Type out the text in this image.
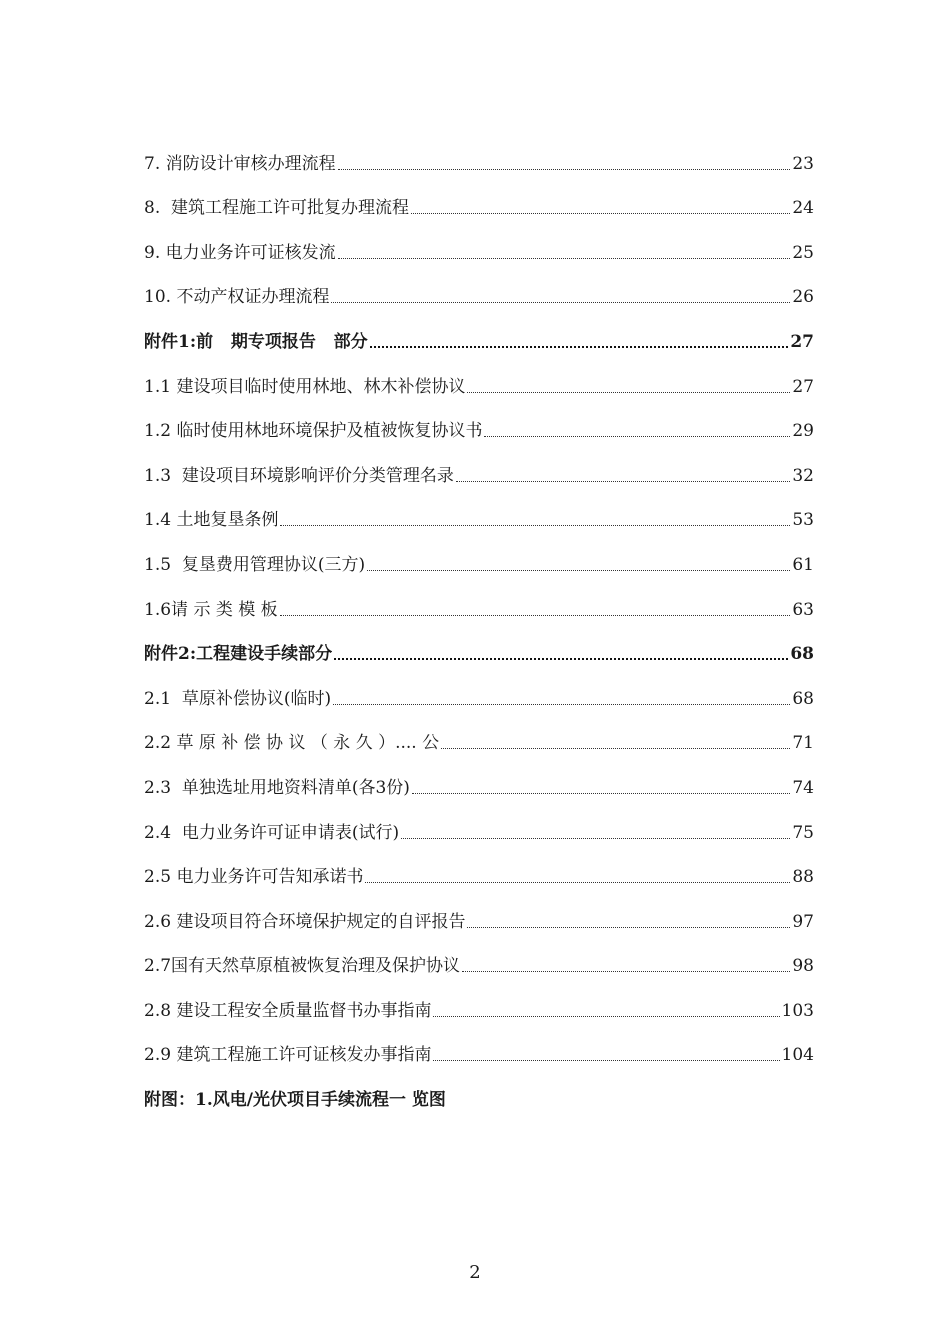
7. 消防设计审核办理流程	23
8.  建筑工程施工许可批复办理流程	24
9. 电力业务许可证核发流	25
10. 不动产权证办理流程	26
附件1:前   期专项报告   部分	27
1.1 建设项目临时使用林地、林木补偿协议	27
1.2 临时使用林地环境保护及植被恢复协议书	29
1.3  建设项目环境影响评价分类管理名录	32
1.4 土地复垦条例	53
1.5  复垦费用管理协议(三方)	61
1.6请 示 类 模 板	63
附件2:工程建设手续部分	68
2.1  草原补偿协议(临时)	68
2.2 草 原 补 偿 协 议 （ 永 久 ）.... 公	71
2.3  单独选址用地资料清单(各3份)	74
2.4  电力业务许可证申请表(试行)	75
2.5 电力业务许可告知承诺书	88
2.6 建设项目符合环境保护规定的自评报告	97
2.7国有天然草原植被恢复治理及保护协议	98
2.8 建设工程安全质量监督书办事指南	103
2.9 建筑工程施工许可证核发办事指南	104
附图：1.风电/光伏项目手续流程一 览图
2
